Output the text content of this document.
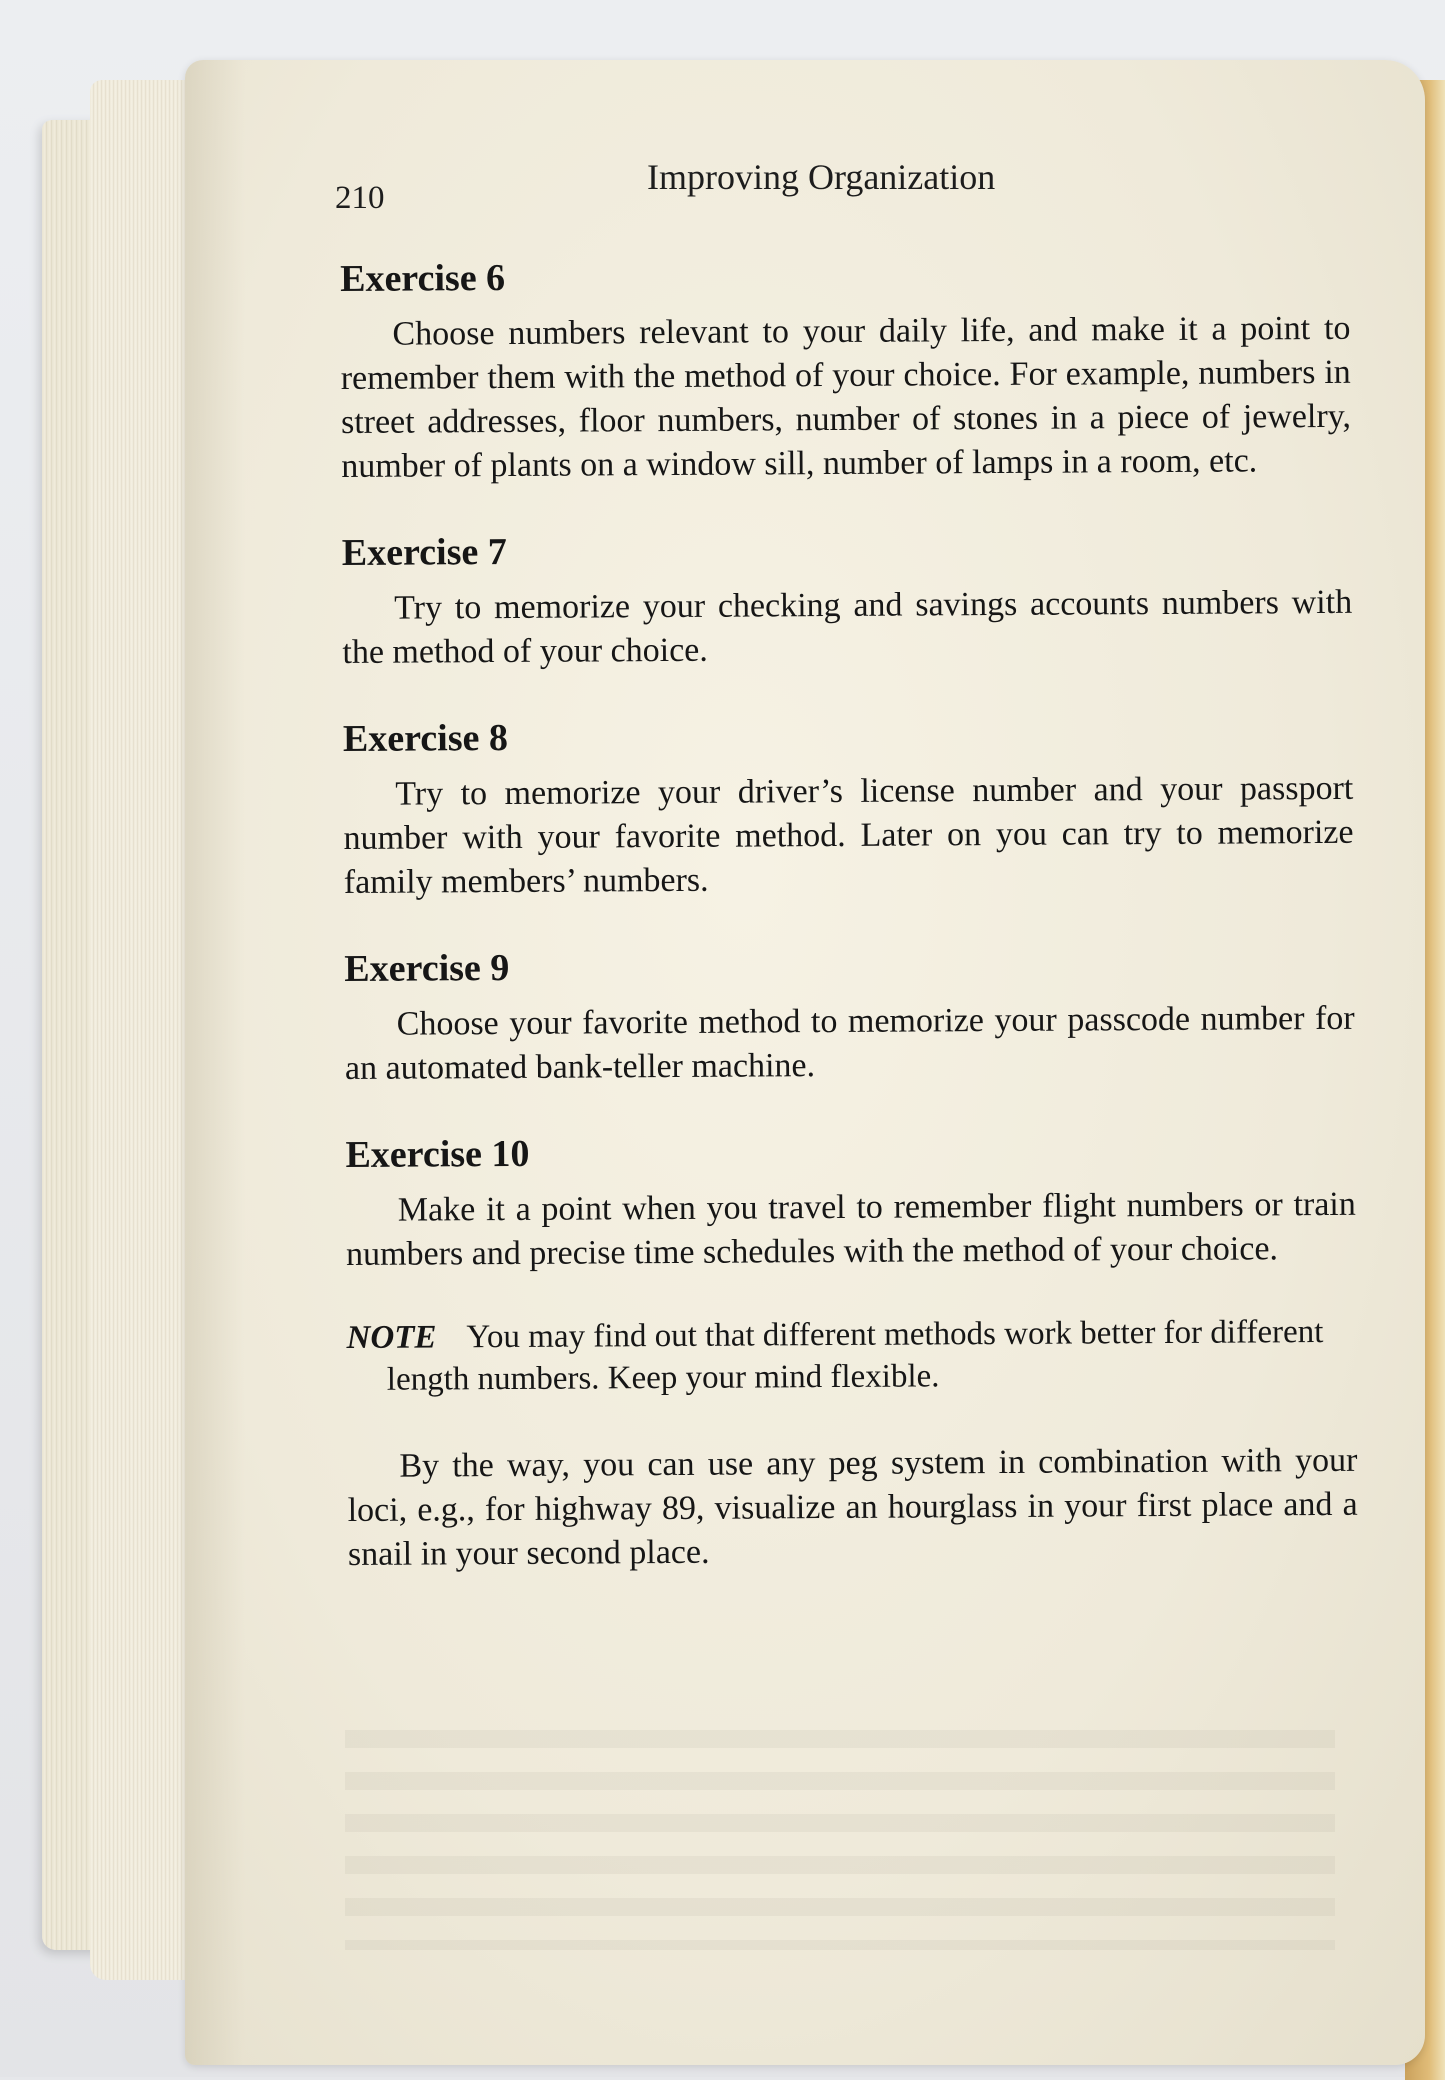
210
Improving Organization
Exercise 6

Choose numbers relevant to your daily life, and make it a point to remember them with the method of your choice. For example, numbers in street addresses, floor numbers, number of stones in a piece of jewelry, number of plants on a window sill, number of lamps in a room, etc.

Exercise 7

Try to memorize your checking and savings accounts numbers with the method of your choice.

Exercise 8

Try to memorize your driver’s license number and your passport number with your favorite method. Later on you can try to memorize family members’ numbers.

Exercise 9

Choose your favorite method to memorize your passcode number for an automated bank-teller machine.

Exercise 10

Make it a point when you travel to remember flight numbers or train numbers and precise time schedules with the method of your choice.

NOTE You may find out that different methods work better for different length numbers. Keep your mind flexible.

By the way, you can use any peg system in combination with your loci, e.g., for highway 89, visualize an hourglass in your first place and a snail in your second place.
